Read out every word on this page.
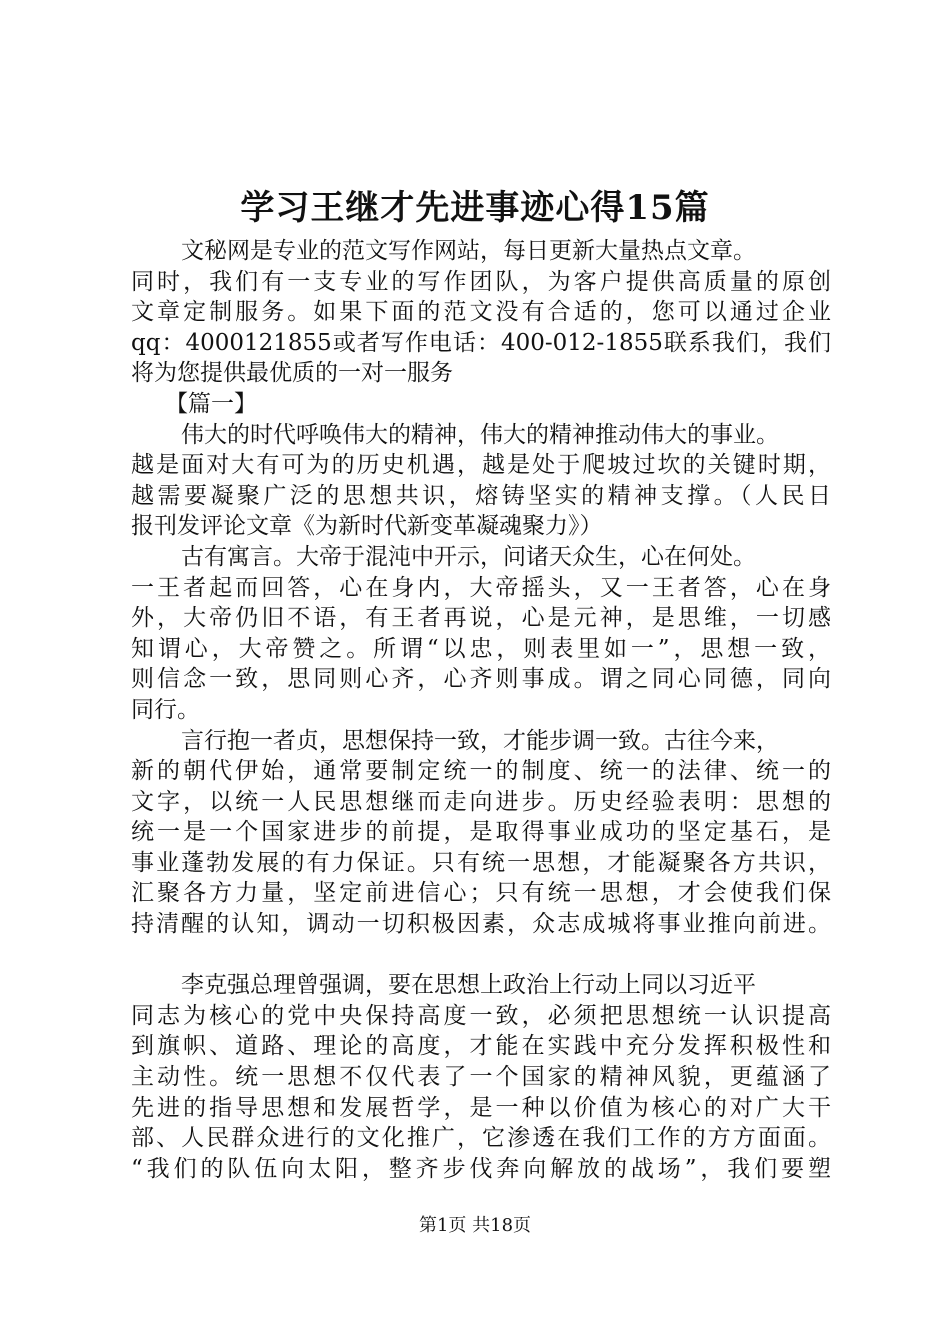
学习王继才先进事迹心得15篇
文秘网是专业的范文写作网站，每日更新大量热点文章。
同时，我们有一支专业的写作团队，为客户提供高质量的原创
文章定制服务。如果下面的范文没有合适的，您可以通过企业
qq：4000121855或者写作电话：400-012-1855联系我们，我们
将为您提供最优质的一对一服务
【篇一】
伟大的时代呼唤伟大的精神，伟大的精神推动伟大的事业。
越是面对大有可为的历史机遇，越是处于爬坡过坎的关键时期，
越需要凝聚广泛的思想共识，熔铸坚实的精神支撑。（人民日
报刊发评论文章《为新时代新变革凝魂聚力》）
古有寓言。大帝于混沌中开示，问诸天众生，心在何处。
一王者起而回答，心在身内，大帝摇头，又一王者答，心在身
外，大帝仍旧不语，有王者再说，心是元神，是思维，一切感
知谓心，大帝赞之。所谓“以忠，则表里如一”，思想一致，
则信念一致，思同则心齐，心齐则事成。谓之同心同德，同向
同行。
言行抱一者贞，思想保持一致，才能步调一致。古往今来，
新的朝代伊始，通常要制定统一的制度、统一的法律、统一的
文字，以统一人民思想继而走向进步。历史经验表明：思想的
统一是一个国家进步的前提，是取得事业成功的坚定基石，是
事业蓬勃发展的有力保证。只有统一思想，才能凝聚各方共识，
汇聚各方力量，坚定前进信心；只有统一思想，才会使我们保
持清醒的认知，调动一切积极因素，众志成城将事业推向前进。
李克强总理曾强调，要在思想上政治上行动上同以习近平
同志为核心的党中央保持高度一致，必须把思想统一认识提高
到旗帜、道路、理论的高度，才能在实践中充分发挥积极性和
主动性。统一思想不仅代表了一个国家的精神风貌，更蕴涵了
先进的指导思想和发展哲学，是一种以价值为核心的对广大干
部、人民群众进行的文化推广，它渗透在我们工作的方方面面。
“我们的队伍向太阳，整齐步伐奔向解放的战场”，我们要塑
第1页 共18页
